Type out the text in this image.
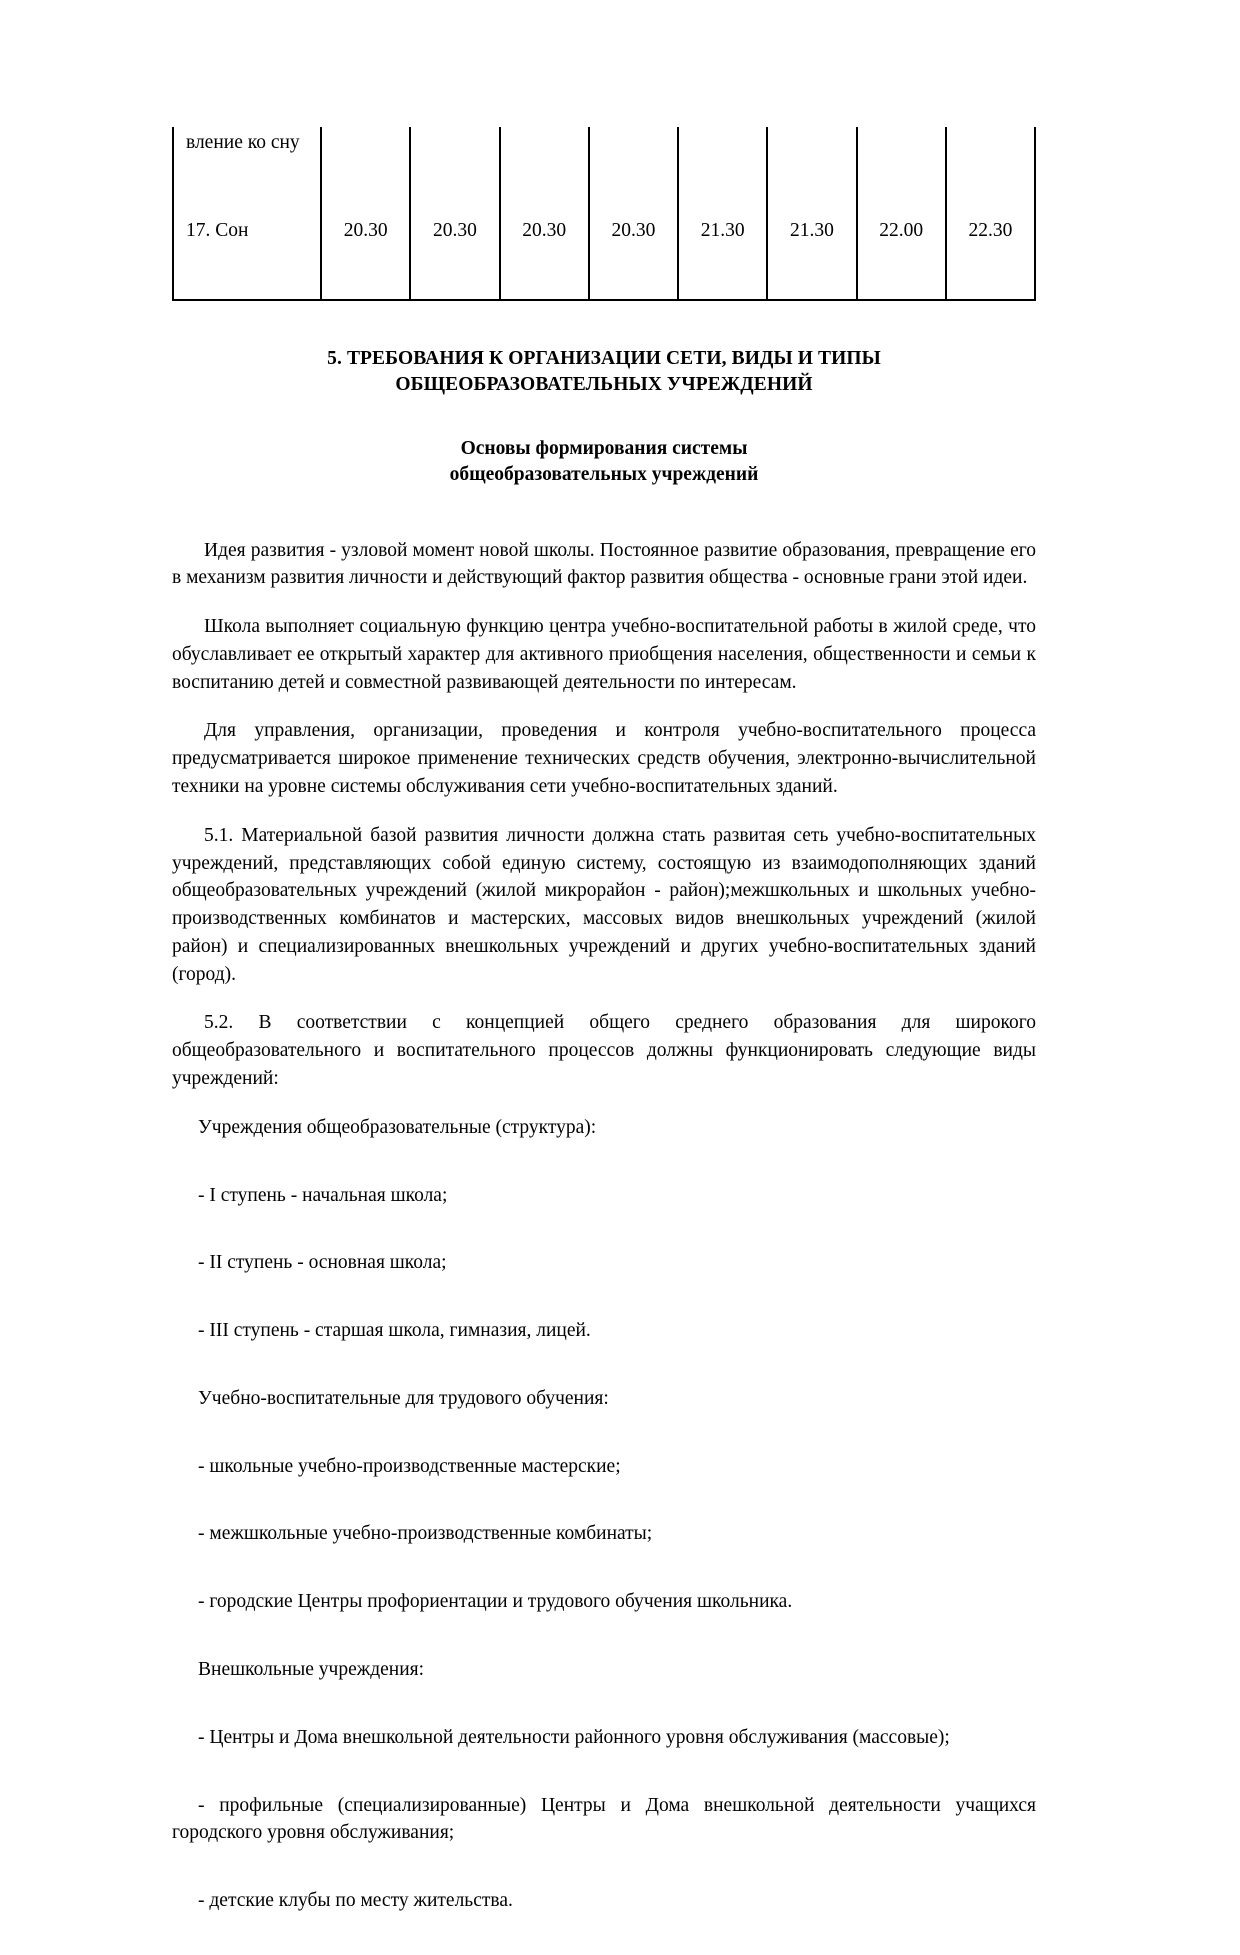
вление ко сну								
17. Сон	20.30	20.30	20.30	20.30	21.30	21.30	22.00	22.30
5. ТРЕБОВАНИЯ К ОРГАНИЗАЦИИ СЕТИ, ВИДЫ И ТИПЫ
ОБЩЕОБРАЗОВАТЕЛЬНЫХ УЧРЕЖДЕНИЙ
Основы формирования системы
общеобразовательных учреждений

Идея развития - узловой момент новой школы. Постоянное развитие образования, превращение его в механизм развития личности и действующий фактор развития общества - основные грани этой идеи.

Школа выполняет социальную функцию центра учебно-воспитательной работы в жилой среде, что обуславливает ее открытый характер для активного приобщения населения, общественности и семьи к воспитанию детей и совместной развивающей деятельности по интересам.

Для управления, организации, проведения и контроля учебно-воспитательного процесса предусматривается широкое применение технических средств обучения, электронно-вычислительной техники на уровне системы обслуживания сети учебно-воспитательных зданий.

5.1. Материальной базой развития личности должна стать развитая сеть учебно-воспитательных учреждений, представляющих собой единую систему, состоящую из взаимодополняющих зданий общеобразовательных учреждений (жилой микрорайон - район);межшкольных и школьных учебно-производственных комбинатов и мастерских, массовых видов внешкольных учреждений (жилой район) и специализированных внешкольных учреждений и других учебно-воспитательных зданий (город).

5.2. В соответствии с концепцией общего среднего образования для широкого общеобразовательного и воспитательного процессов должны функционировать следующие виды учреждений:

Учреждения общеобразовательные (структура):

- I ступень - начальная школа;

- II ступень - основная школа;

- III ступень - старшая школа, гимназия, лицей.

Учебно-воспитательные для трудового обучения:

- школьные учебно-производственные мастерские;

- межшкольные учебно-производственные комбинаты;

- городские Центры профориентации и трудового обучения школьника.

Внешкольные учреждения:

- Центры и Дома внешкольной деятельности районного уровня обслуживания (массовые);

- профильные (специализированные) Центры и Дома внешкольной деятельности учащихся городского уровня обслуживания;

- детские клубы по месту жительства.
